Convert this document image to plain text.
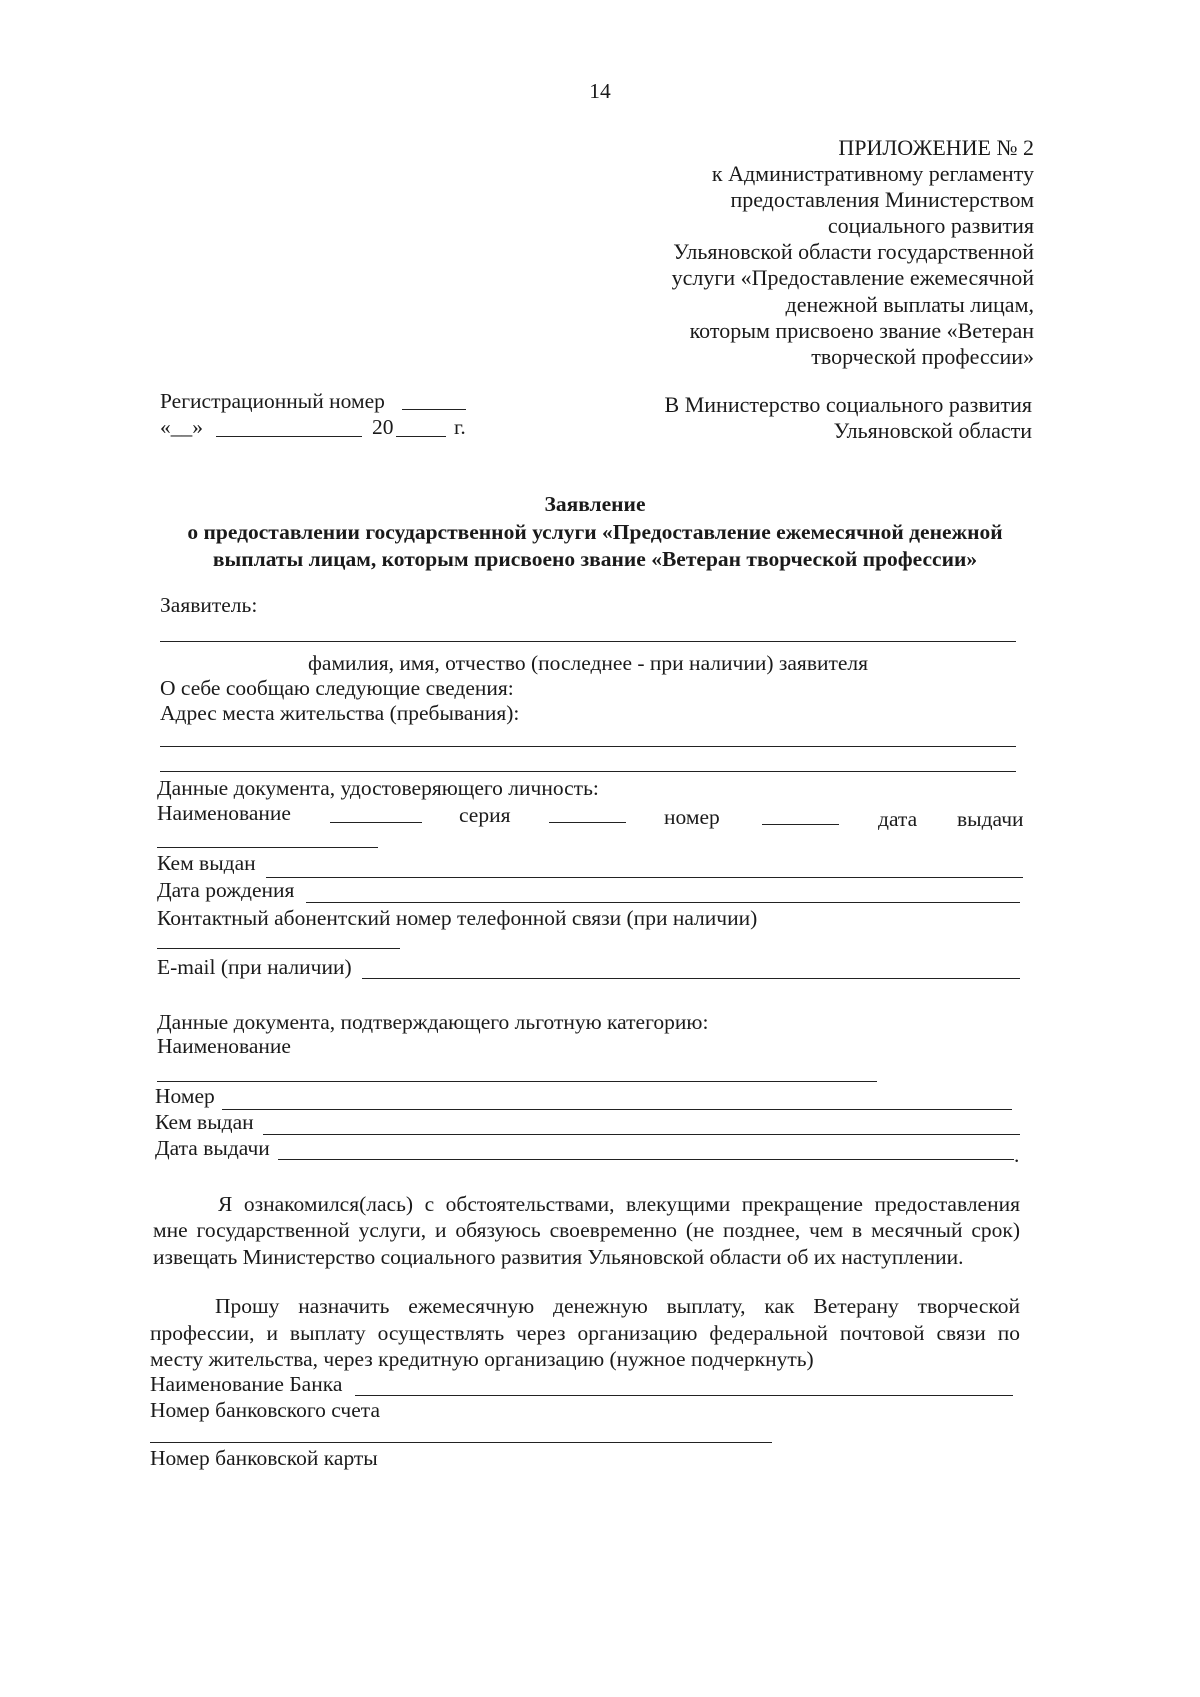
14
ПРИЛОЖЕНИЕ № 2
к Административному регламенту
предоставления Министерством
социального развития
Ульяновской области государственной
услуги «Предоставление ежемесячной
денежной выплаты лицам,
которым присвоено звание «Ветеран
творческой профессии»
Регистрационный номер
«__»	20	г.
В Министерство социального развития
Ульяновской области
Заявление
о предоставлении государственной услуги «Предоставление ежемесячной денежной
выплаты лицам, которым присвоено звание «Ветеран творческой профессии»
Заявитель:
фамилия, имя, отчество (последнее - при наличии) заявителя
О себе сообщаю следующие сведения:
Адрес места жительства (пребывания):
Данные документа, удостоверяющего личность:
Наименование	серия	номер	дата выдачи
Кем выдан
Дата рождения
Контактный абонентский номер телефонной связи (при наличии)
E-mail (при наличии)
Данные документа, подтверждающего льготную категорию:
Наименование
Номер
Кем выдан
Дата выдачи	.
Я ознакомился(лась) с обстоятельствами, влекущими прекращение предоставления
мне государственной услуги, и обязуюсь своевременно (не позднее, чем в месячный срок)
извещать Министерство социального развития Ульяновской области об их наступлении.
Прошу назначить ежемесячную денежную выплату, как Ветерану творческой
профессии, и выплату осуществлять через организацию федеральной почтовой связи по
месту жительства, через кредитную организацию (нужное подчеркнуть)
Наименование Банка
Номер банковского счета
Номер банковской карты
